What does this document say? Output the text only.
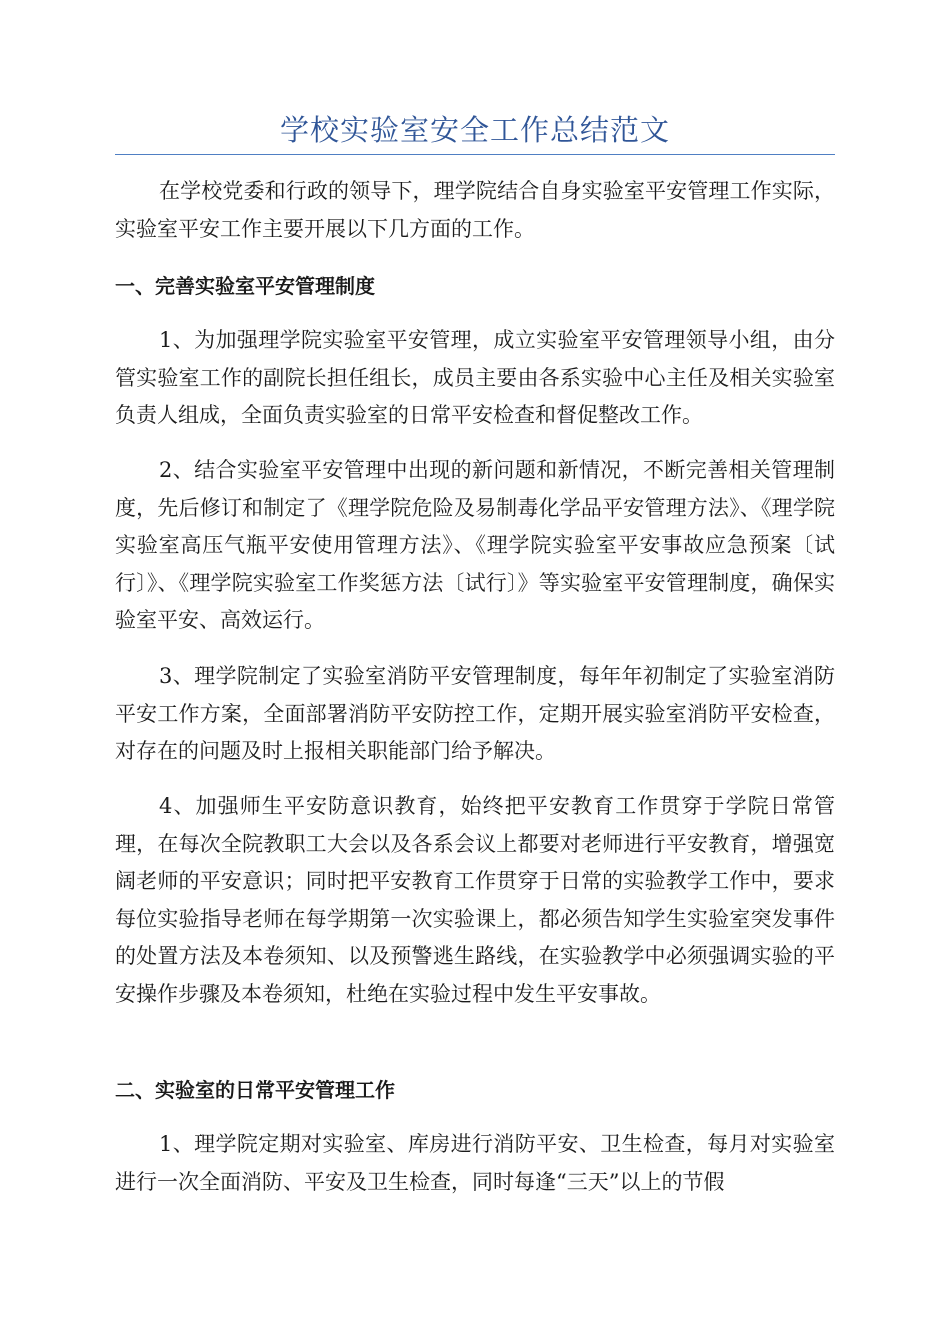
学校实验室安全工作总结范文

在学校党委和行政的领导下，理学院结合自身实验室平安管理工作实际，实验室平安工作主要开展以下几方面的工作。

一、完善实验室平安管理制度

1、为加强理学院实验室平安管理，成立实验室平安管理领导小组，由分管实验室工作的副院长担任组长，成员主要由各系实验中心主任及相关实验室负责人组成，全面负责实验室的日常平安检查和督促整改工作。

2、结合实验室平安管理中出现的新问题和新情况，不断完善相关管理制度，先后修订和制定了《理学院危险及易制毒化学品平安管理方法》、《理学院实验室高压气瓶平安使用管理方法》、《理学院实验室平安事故应急预案〔试行〕》、《理学院实验室工作奖惩方法〔试行〕》等实验室平安管理制度，确保实验室平安、高效运行。

3、理学院制定了实验室消防平安管理制度，每年年初制定了实验室消防平安工作方案，全面部署消防平安防控工作，定期开展实验室消防平安检查，对存在的问题及时上报相关职能部门给予解决。

4、加强师生平安防意识教育，始终把平安教育工作贯穿于学院日常管理，在每次全院教职工大会以及各系会议上都要对老师进行平安教育，增强宽阔老师的平安意识；同时把平安教育工作贯穿于日常的实验教学工作中，要求每位实验指导老师在每学期第一次实验课上，都必须告知学生实验室突发事件的处置方法及本卷须知、以及预警逃生路线，在实验教学中必须强调实验的平安操作步骤及本卷须知，杜绝在实验过程中发生平安事故。

二、实验室的日常平安管理工作

1、理学院定期对实验室、库房进行消防平安、卫生检查，每月对实验室进行一次全面消防、平安及卫生检查，同时每逢“三天”以上的节假
